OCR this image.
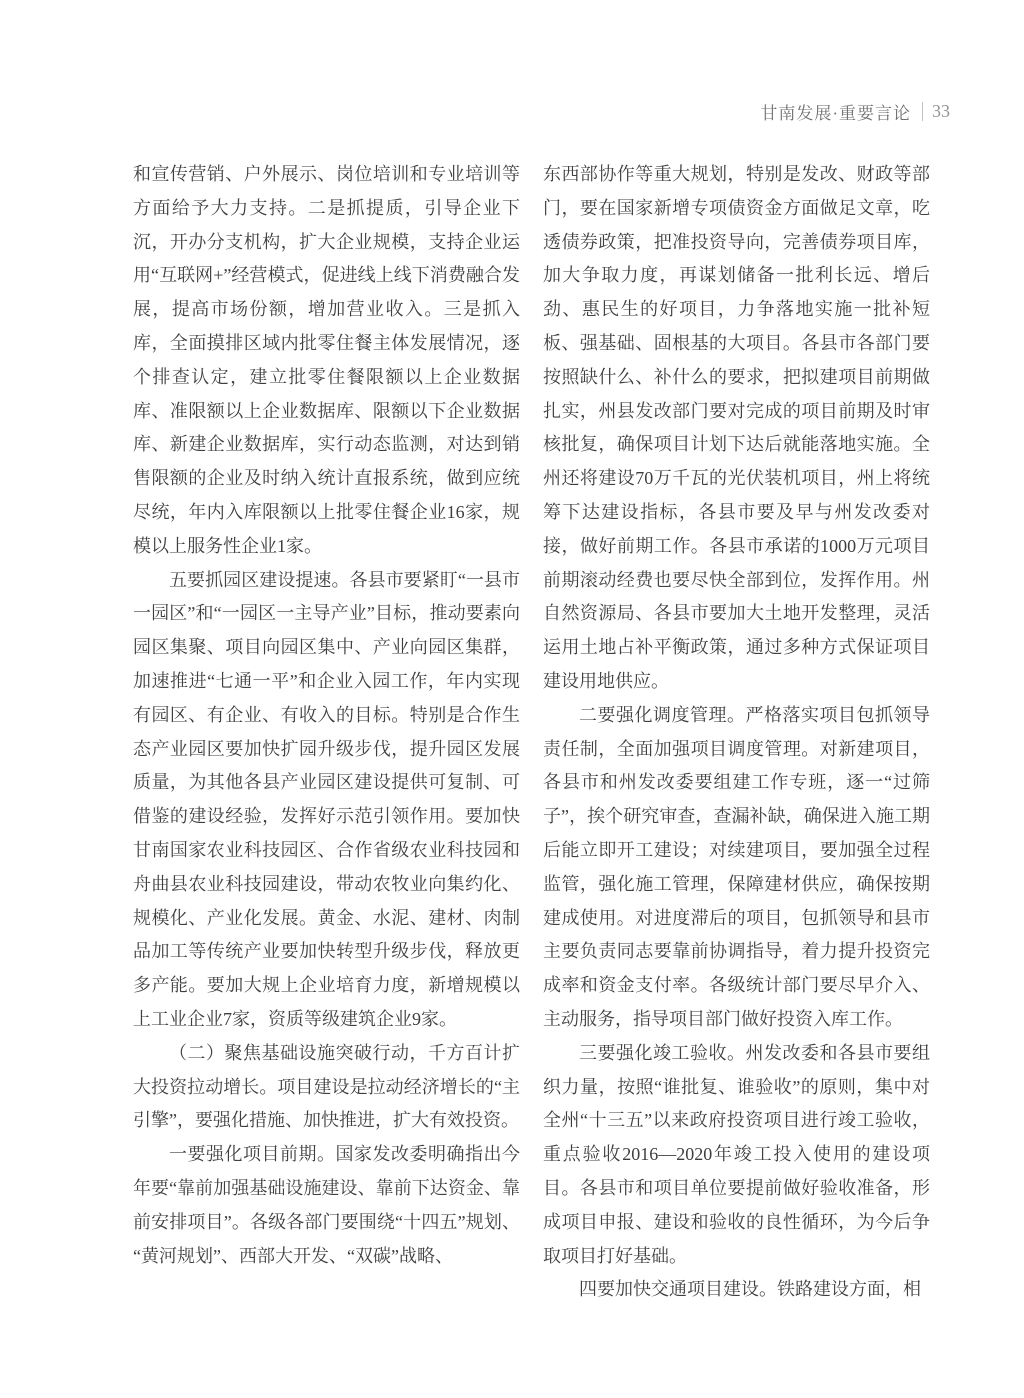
甘南发展·重要言论 33

和宣传营销、户外展示、岗位培训和专业培训等方面给予大力支持。二是抓提质，引导企业下沉，开办分支机构，扩大企业规模，支持企业运用“互联网+”经营模式，促进线上线下消费融合发展，提高市场份额，增加营业收入。三是抓入库，全面摸排区域内批零住餐主体发展情况，逐个排查认定，建立批零住餐限额以上企业数据库、准限额以上企业数据库、限额以下企业数据库、新建企业数据库，实行动态监测，对达到销售限额的企业及时纳入统计直报系统，做到应统尽统，年内入库限额以上批零住餐企业16家，规模以上服务性企业1家。

五要抓园区建设提速。各县市要紧盯“一县市一园区”和“一园区一主导产业”目标，推动要素向园区集聚、项目向园区集中、产业向园区集群，加速推进“七通一平”和企业入园工作，年内实现有园区、有企业、有收入的目标。特别是合作生态产业园区要加快扩园升级步伐，提升园区发展质量，为其他各县产业园区建设提供可复制、可借鉴的建设经验，发挥好示范引领作用。要加快甘南国家农业科技园区、合作省级农业科技园和舟曲县农业科技园建设，带动农牧业向集约化、规模化、产业化发展。黄金、水泥、建材、肉制品加工等传统产业要加快转型升级步伐，释放更多产能。要加大规上企业培育力度，新增规模以上工业企业7家，资质等级建筑企业9家。

（二）聚焦基础设施突破行动，千方百计扩大投资拉动增长。项目建设是拉动经济增长的“主引擎”，要强化措施、加快推进，扩大有效投资。

一要强化项目前期。国家发改委明确指出今年要“靠前加强基础设施建设、靠前下达资金、靠前安排项目”。各级各部门要围绕“十四五”规划、“黄河规划”、西部大开发、“双碳”战略、

东西部协作等重大规划，特别是发改、财政等部门，要在国家新增专项债资金方面做足文章，吃透债券政策，把准投资导向，完善债券项目库，加大争取力度，再谋划储备一批利长远、增后劲、惠民生的好项目，力争落地实施一批补短板、强基础、固根基的大项目。各县市各部门要按照缺什么、补什么的要求，把拟建项目前期做扎实，州县发改部门要对完成的项目前期及时审核批复，确保项目计划下达后就能落地实施。全州还将建设70万千瓦的光伏装机项目，州上将统筹下达建设指标，各县市要及早与州发改委对接，做好前期工作。各县市承诺的1000万元项目前期滚动经费也要尽快全部到位，发挥作用。州自然资源局、各县市要加大土地开发整理，灵活运用土地占补平衡政策，通过多种方式保证项目建设用地供应。

二要强化调度管理。严格落实项目包抓领导责任制，全面加强项目调度管理。对新建项目，各县市和州发改委要组建工作专班，逐一“过筛子”，挨个研究审查，查漏补缺，确保进入施工期后能立即开工建设；对续建项目，要加强全过程监管，强化施工管理，保障建材供应，确保按期建成使用。对进度滞后的项目，包抓领导和县市主要负责同志要靠前协调指导，着力提升投资完成率和资金支付率。各级统计部门要尽早介入、主动服务，指导项目部门做好投资入库工作。

三要强化竣工验收。州发改委和各县市要组织力量，按照“谁批复、谁验收”的原则，集中对全州“十三五”以来政府投资项目进行竣工验收，重点验收2016—2020年竣工投入使用的建设项目。各县市和项目单位要提前做好验收准备，形成项目申报、建设和验收的良性循环，为今后争取项目打好基础。

四要加快交通项目建设。铁路建设方面，相
